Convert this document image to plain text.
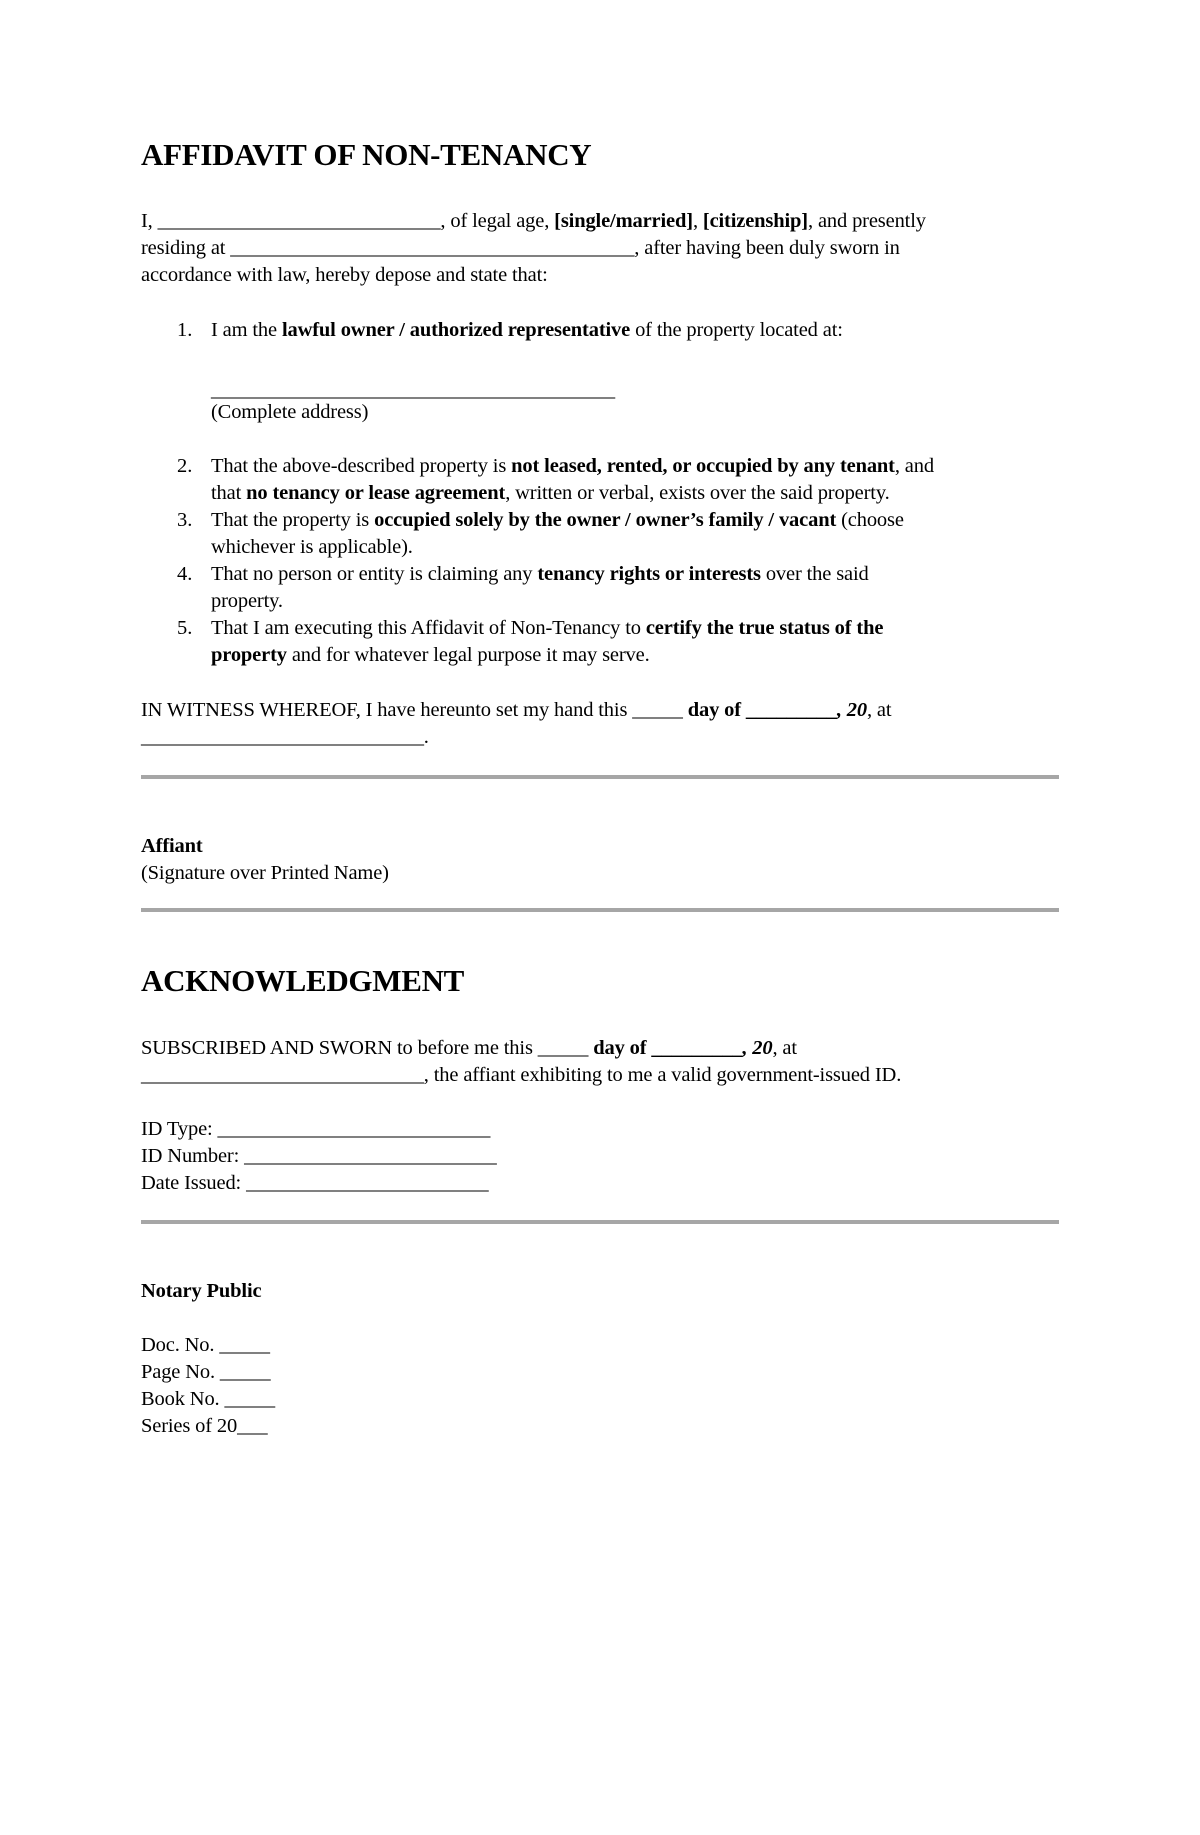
AFFIDAVIT OF NON-TENANCY
I, ____________________________, of legal age, [single/married], [citizenship], and presently
residing at ________________________________________, after having been duly sworn in
accordance with law, hereby depose and state that:
1. I am the lawful owner / authorized representative of the property located at:
________________________________________
(Complete address)
2. That the above-described property is not leased, rented, or occupied by any tenant, and
that no tenancy or lease agreement, written or verbal, exists over the said property.
3. That the property is occupied solely by the owner / owner’s family / vacant (choose
whichever is applicable).
4. That no person or entity is claiming any tenancy rights or interests over the said
property.
5. That I am executing this Affidavit of Non-Tenancy to certify the true status of the
property and for whatever legal purpose it may serve.
IN WITNESS WHEREOF, I have hereunto set my hand this _____ day of _________, 20, at
____________________________.
Affiant
(Signature over Printed Name)
ACKNOWLEDGMENT
SUBSCRIBED AND SWORN to before me this _____ day of _________, 20, at
____________________________, the affiant exhibiting to me a valid government-issued ID.
ID Type: ___________________________
ID Number: _________________________
Date Issued: ________________________
Notary Public
Doc. No. _____
Page No. _____
Book No. _____
Series of 20___
